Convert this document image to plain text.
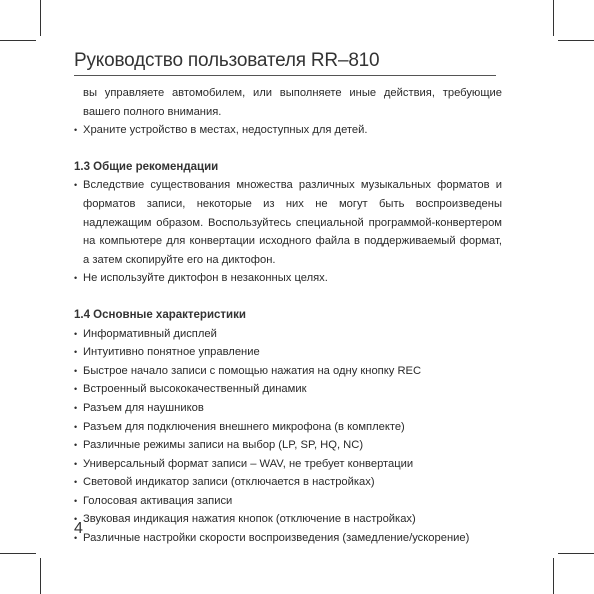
Руководство пользователя RR–810
вы управляете автомобилем, или выполняете иные действия, требующие вашего полного внимания.
• Храните устройство в местах, недоступных для детей.
1.3 Общие рекомендации
• Вследствие существования множества различных музыкальных форматов и форматов записи, некоторые из них не могут быть воспроизведены надлежащим образом. Воспользуйтесь специальной программой-конвертером на компьютере для конвертации исходного файла в поддерживаемый формат, а затем скопируйте его на диктофон.
• Не используйте диктофон в незаконных целях.
1.4 Основные характеристики
• Информативный дисплей
• Интуитивно понятное управление
• Быстрое начало записи с помощью нажатия на одну кнопку REC
• Встроенный высококачественный динамик
• Разъем для наушников
• Разъем для подключения внешнего микрофона (в комплекте)
• Различные режимы записи на выбор (LP, SP, HQ, NC)
• Универсальный формат записи – WAV, не требует конвертации
• Световой индикатор записи (отключается в настройках)
• Голосовая активация записи
• Звуковая индикация нажатия кнопок (отключение в настройках)
• Различные настройки скорости воспроизведения (замедление/ускорение)
4
